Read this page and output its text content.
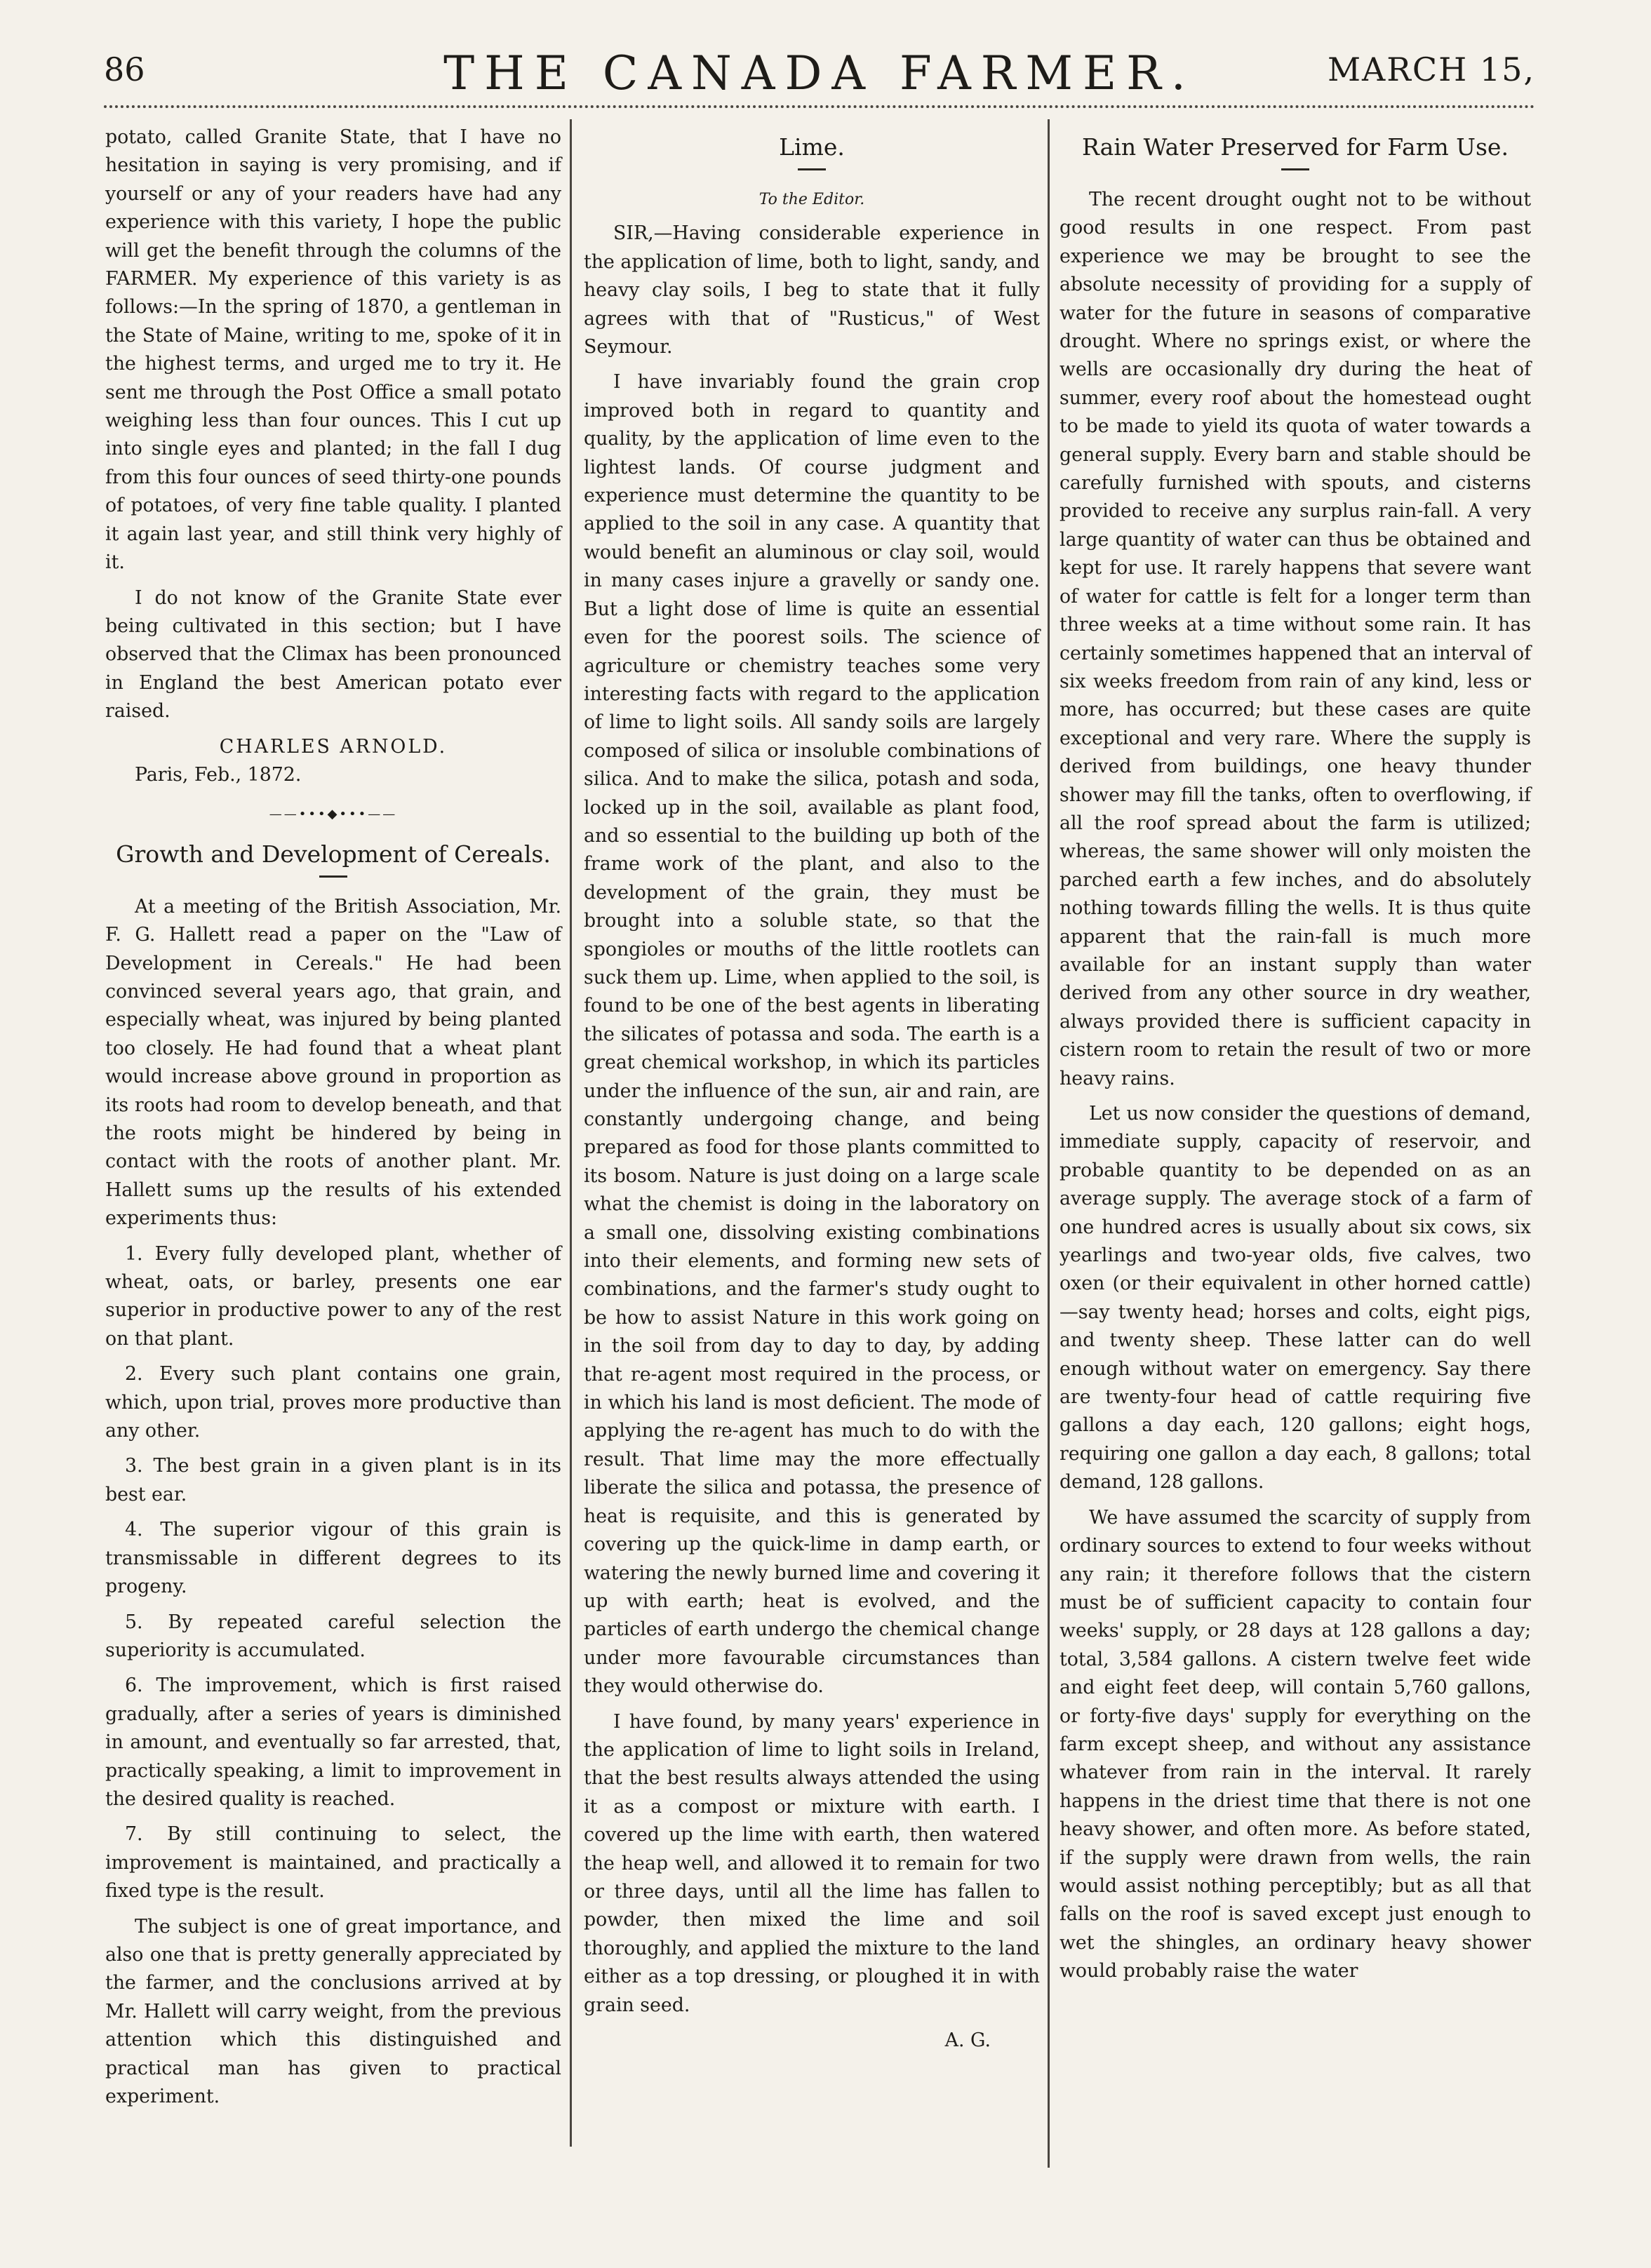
86	THE CANADA FARMER.	MARCH 15,

potato, called Granite State, that I have no hesitation in saying is very promising, and if yourself or any of your readers have had any experience with this variety, I hope the public will get the benefit through the columns of the FARMER. My experience of this variety is as follows:—In the spring of 1870, a gentleman in the State of Maine, writing to me, spoke of it in the highest terms, and urged me to try it. He sent me through the Post Office a small potato weighing less than four ounces. This I cut up into single eyes and planted; in the fall I dug from this four ounces of seed thirty-one pounds of potatoes, of very fine table quality. I planted it again last year, and still think very highly of it.

I do not know of the Granite State ever being cultivated in this section; but I have observed that the Climax has been pronounced in England the best American potato ever raised.

CHARLES ARNOLD.
Paris, Feb., 1872.
——•••◆•••——
Growth and Development of Cereals.

At a meeting of the British Association, Mr. F. G. Hallett read a paper on the "Law of Development in Cereals." He had been convinced several years ago, that grain, and especially wheat, was injured by being planted too closely. He had found that a wheat plant would increase above ground in proportion as its roots had room to develop beneath, and that the roots might be hindered by being in contact with the roots of another plant. Mr. Hallett sums up the results of his extended experiments thus:

1. Every fully developed plant, whether of wheat, oats, or barley, presents one ear superior in productive power to any of the rest on that plant.

2. Every such plant contains one grain, which, upon trial, proves more productive than any other.

3. The best grain in a given plant is in its best ear.

4. The superior vigour of this grain is transmissable in different degrees to its progeny.

5. By repeated careful selection the superiority is accumulated.

6. The improvement, which is first raised gradually, after a series of years is diminished in amount, and eventually so far arrested, that, practically speaking, a limit to improvement in the desired quality is reached.

7. By still continuing to select, the improvement is maintained, and practically a fixed type is the result.

The subject is one of great importance, and also one that is pretty generally appreciated by the farmer, and the conclusions arrived at by Mr. Hallett will carry weight, from the previous attention which this distinguished and practical man has given to practical experiment.

Lime.
To the Editor.

SIR,—Having considerable experience in the application of lime, both to light, sandy, and heavy clay soils, I beg to state that it fully agrees with that of "Rusticus," of West Seymour.

I have invariably found the grain crop improved both in regard to quantity and quality, by the application of lime even to the lightest lands. Of course judgment and experience must determine the quantity to be applied to the soil in any case. A quantity that would benefit an aluminous or clay soil, would in many cases injure a gravelly or sandy one. But a light dose of lime is quite an essential even for the poorest soils. The science of agriculture or chemistry teaches some very interesting facts with regard to the application of lime to light soils. All sandy soils are largely composed of silica or insoluble combinations of silica. And to make the silica, potash and soda, locked up in the soil, available as plant food, and so essential to the building up both of the frame work of the plant, and also to the development of the grain, they must be brought into a soluble state, so that the spongioles or mouths of the little rootlets can suck them up. Lime, when applied to the soil, is found to be one of the best agents in liberating the silicates of potassa and soda. The earth is a great chemical workshop, in which its particles under the influence of the sun, air and rain, are constantly undergoing change, and being prepared as food for those plants committed to its bosom. Nature is just doing on a large scale what the chemist is doing in the laboratory on a small one, dissolving existing combinations into their elements, and forming new sets of combinations, and the farmer's study ought to be how to assist Nature in this work going on in the soil from day to day to day, by adding that re-agent most required in the process, or in which his land is most deficient. The mode of applying the re-agent has much to do with the result. That lime may the more effectually liberate the silica and potassa, the presence of heat is requisite, and this is generated by covering up the quick-lime in damp earth, or watering the newly burned lime and covering it up with earth; heat is evolved, and the particles of earth undergo the chemical change under more favourable circumstances than they would otherwise do.

I have found, by many years' experience in the application of lime to light soils in Ireland, that the best results always attended the using it as a compost or mixture with earth. I covered up the lime with earth, then watered the heap well, and allowed it to remain for two or three days, until all the lime has fallen to powder, then mixed the lime and soil thoroughly, and applied the mixture to the land either as a top dressing, or ploughed it in with grain seed.

A. G.
Rain Water Preserved for Farm Use.

The recent drought ought not to be without good results in one respect. From past experience we may be brought to see the absolute necessity of providing for a supply of water for the future in seasons of comparative drought. Where no springs exist, or where the wells are occasionally dry during the heat of summer, every roof about the homestead ought to be made to yield its quota of water towards a general supply. Every barn and stable should be carefully furnished with spouts, and cisterns provided to receive any surplus rain-fall. A very large quantity of water can thus be obtained and kept for use. It rarely happens that severe want of water for cattle is felt for a longer term than three weeks at a time without some rain. It has certainly sometimes happened that an interval of six weeks freedom from rain of any kind, less or more, has occurred; but these cases are quite exceptional and very rare. Where the supply is derived from buildings, one heavy thunder shower may fill the tanks, often to overflowing, if all the roof spread about the farm is utilized; whereas, the same shower will only moisten the parched earth a few inches, and do absolutely nothing towards filling the wells. It is thus quite apparent that the rain-fall is much more available for an instant supply than water derived from any other source in dry weather, always provided there is sufficient capacity in cistern room to retain the result of two or more heavy rains.

Let us now consider the questions of demand, immediate supply, capacity of reservoir, and probable quantity to be depended on as an average supply. The average stock of a farm of one hundred acres is usually about six cows, six yearlings and two-year olds, five calves, two oxen (or their equivalent in other horned cattle)—say twenty head; horses and colts, eight pigs, and twenty sheep. These latter can do well enough without water on emergency. Say there are twenty-four head of cattle requiring five gallons a day each, 120 gallons; eight hogs, requiring one gallon a day each, 8 gallons; total demand, 128 gallons.

We have assumed the scarcity of supply from ordinary sources to extend to four weeks without any rain; it therefore follows that the cistern must be of sufficient capacity to contain four weeks' supply, or 28 days at 128 gallons a day; total, 3,584 gallons. A cistern twelve feet wide and eight feet deep, will contain 5,760 gallons, or forty-five days' supply for everything on the farm except sheep, and without any assistance whatever from rain in the interval. It rarely happens in the driest time that there is not one heavy shower, and often more. As before stated, if the supply were drawn from wells, the rain would assist nothing perceptibly; but as all that falls on the roof is saved except just enough to wet the shingles, an ordinary heavy shower would probably raise the water
